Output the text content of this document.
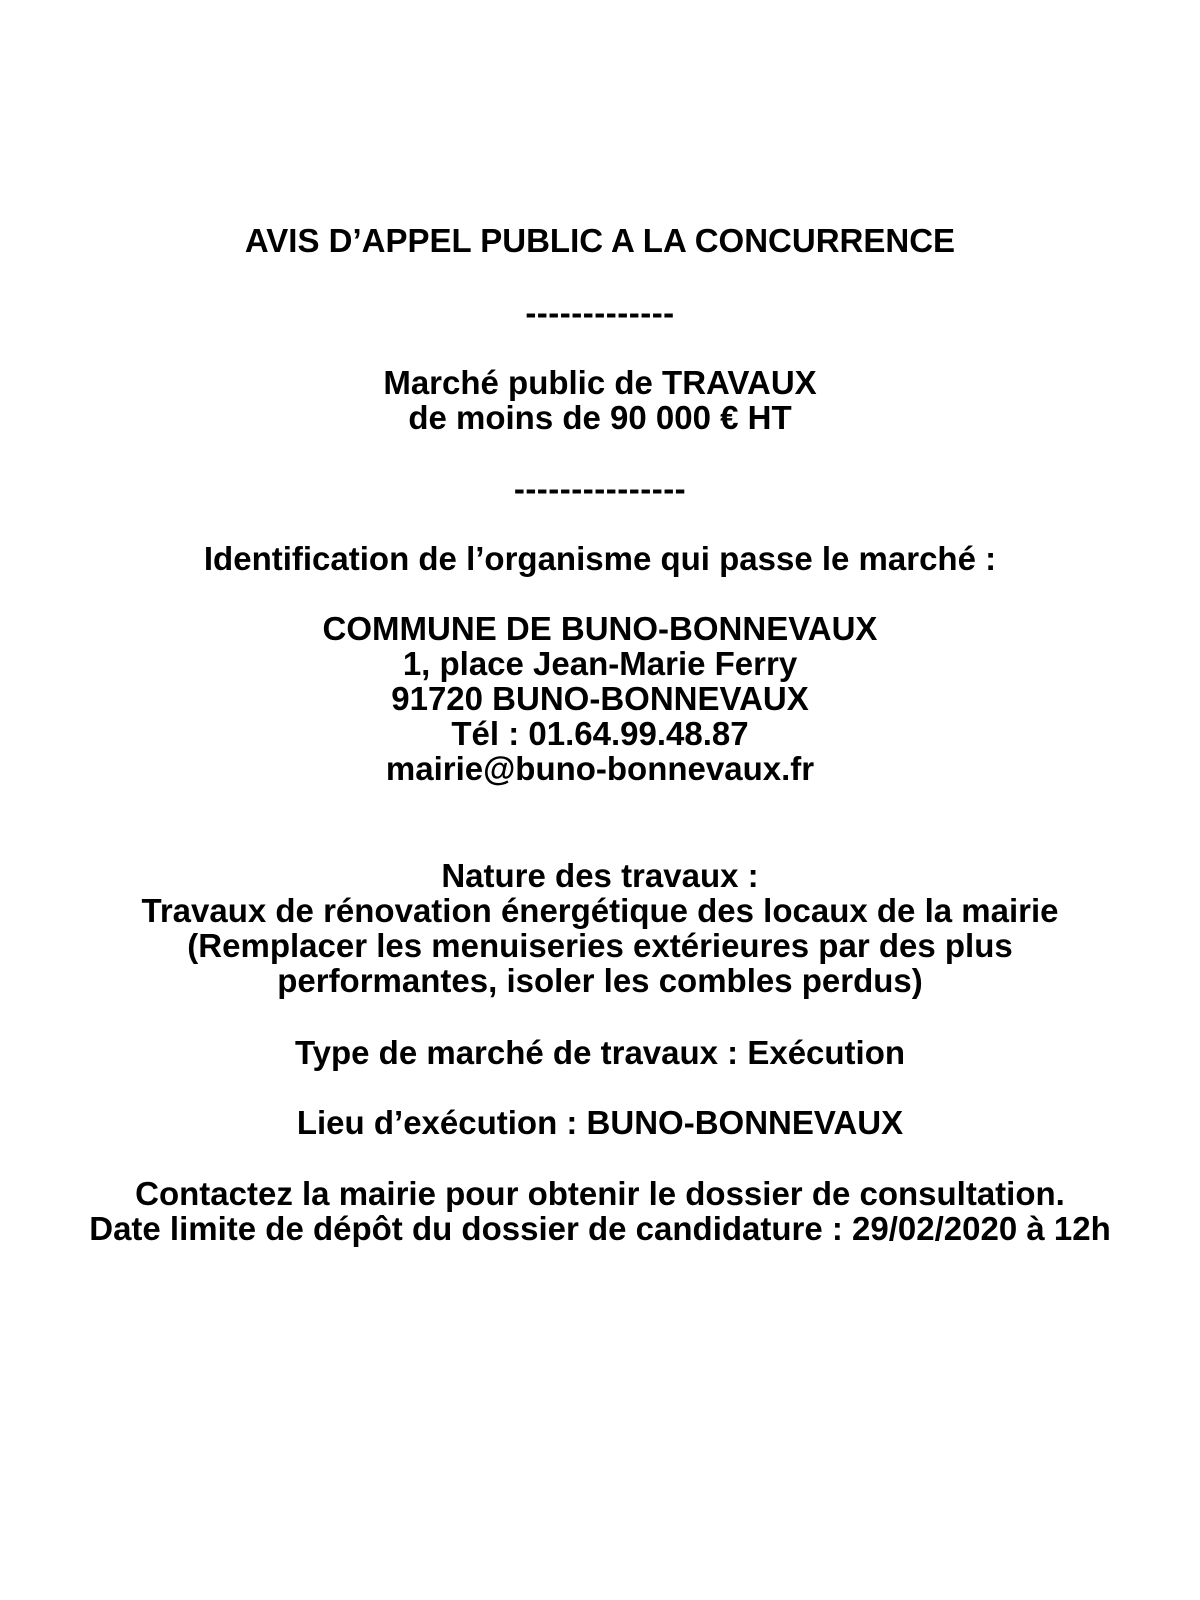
AVIS D’APPEL PUBLIC A LA CONCURRENCE
-------------
Marché public de TRAVAUX
de moins de 90 000 € HT
---------------
Identification de l’organisme qui passe le marché :
COMMUNE DE BUNO-BONNEVAUX
1, place Jean-Marie Ferry
91720 BUNO-BONNEVAUX
Tél : 01.64.99.48.87
mairie@buno-bonnevaux.fr
Nature des travaux :
Travaux de rénovation énergétique des locaux de la mairie
(Remplacer les menuiseries extérieures par des plus
performantes, isoler les combles perdus)
Type de marché de travaux : Exécution
Lieu d’exécution : BUNO-BONNEVAUX
Contactez la mairie pour obtenir le dossier de consultation.
Date limite de dépôt du dossier de candidature : 29/02/2020 à 12h
